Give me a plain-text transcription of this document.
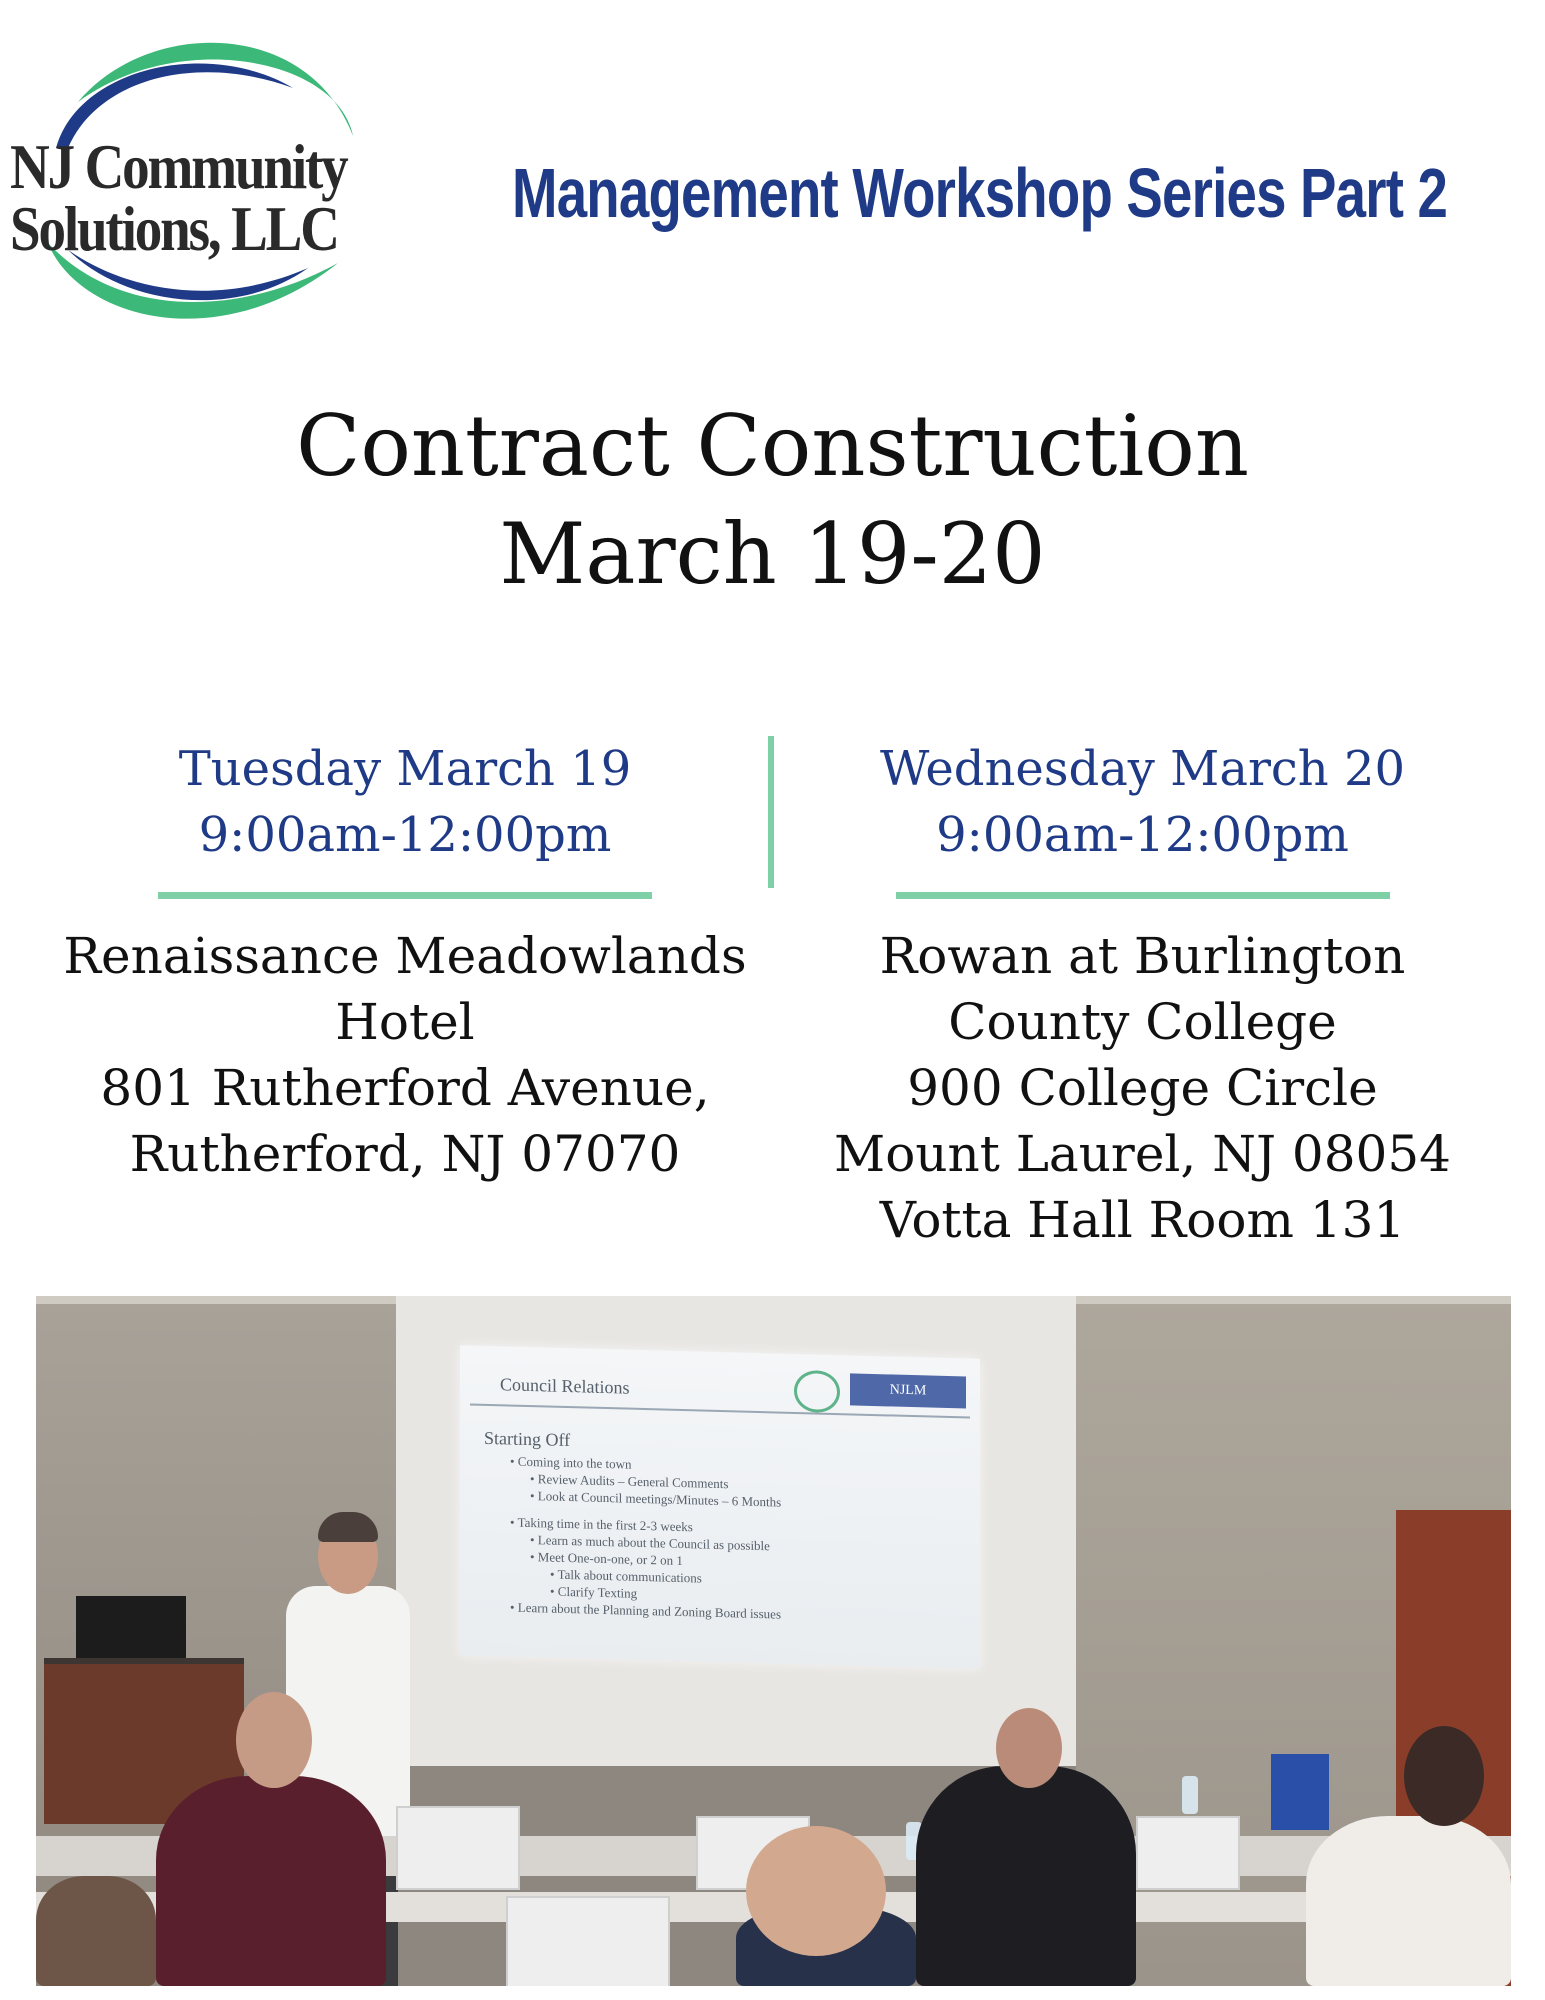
NJ Community
Solutions, LLC Management Workshop Series Part 2
Contract Construction
March 19-20
Tuesday March 19
9:00am-12:00pm
Renaissance Meadowlands
Hotel
801 Rutherford Avenue,
Rutherford, NJ 07070
Wednesday March 20
9:00am-12:00pm
Rowan at Burlington
County College
900 College Circle
Mount Laurel, NJ 08054
Votta Hall Room 131
Council Relations	NJLM
Starting Off
• Coming into the town
• Review Audits – General Comments
• Look at Council meetings/Minutes – 6 Months
• Taking time in the first 2-3 weeks
• Learn as much about the Council as possible
• Meet One-on-one, or 2 on 1
• Talk about communications
• Clarify Texting
• Learn about the Planning and Zoning Board issues
